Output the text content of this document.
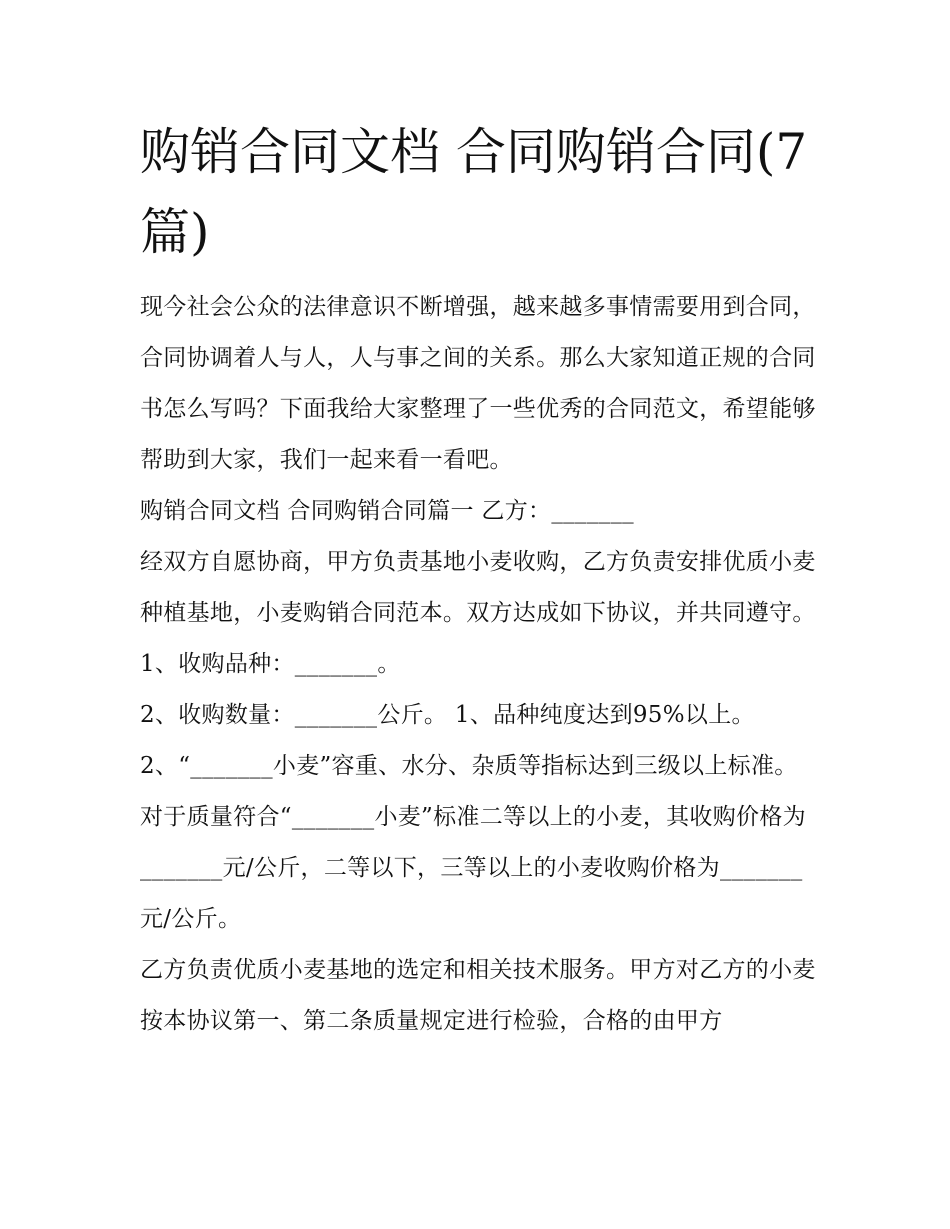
购销合同文档 合同购销合同(7篇)

现今社会公众的法律意识不断增强，越来越多事情需要用到合同，合同协调着人与人，人与事之间的关系。那么大家知道正规的合同书怎么写吗？下面我给大家整理了一些优秀的合同范文，希望能够帮助到大家，我们一起来看一看吧。

购销合同文档 合同购销合同篇一 乙方：_______

经双方自愿协商，甲方负责基地小麦收购，乙方负责安排优质小麦种植基地，小麦购销合同范本。双方达成如下协议，并共同遵守。 1、收购品种：_______。

2、收购数量：_______公斤。 1、品种纯度达到95%以上。

2、“_______小麦”容重、水分、杂质等指标达到三级以上标准。

对于质量符合“_______小麦”标准二等以上的小麦，其收购价格为_______元/公斤，二等以下，三等以上的小麦收购价格为_______元/公斤。

乙方负责优质小麦基地的选定和相关技术服务。甲方对乙方的小麦按本协议第一、第二条质量规定进行检验，合格的由甲方
